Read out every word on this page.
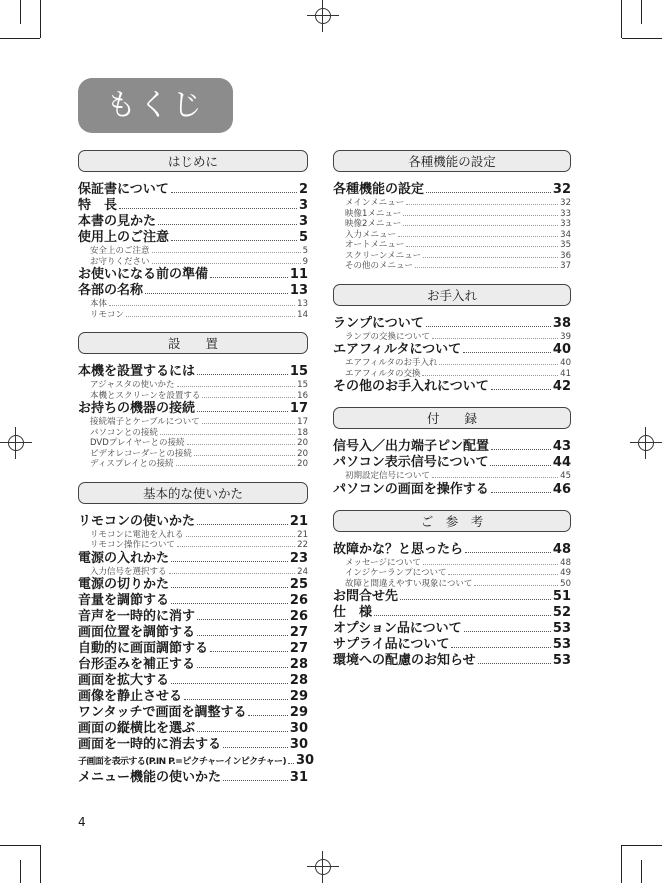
もくじ
はじめに
保証書について	2
特　長	3
本書の見かた	3
使用上のご注意	5
安全上のご注意	5
お守りください	9
お使いになる前の準備	11
各部の名称	13
本体	13
リモコン	14
設　　置
本機を設置するには	15
アジャスタの使いかた	15
本機とスクリーンを設置する	16
お持ちの機器の接続	17
接続端子とケーブルについて	17
パソコンとの接続	18
DVDプレイヤーとの接続	20
ビデオレコーダーとの接続	20
ディスプレイとの接続	20
基本的な使いかた
リモコンの使いかた	21
リモコンに電池を入れる	21
リモコン操作について	22
電源の入れかた	23
入力信号を選択する	24
電源の切りかた	25
音量を調節する	26
音声を一時的に消す	26
画面位置を調節する	27
自動的に画面調節する	27
台形歪みを補正する	28
画面を拡大する	28
画像を静止させる	29
ワンタッチで画面を調整する	29
画面の縦横比を選ぶ	30
画面を一時的に消去する	30
子画面を表示する(P.IN P.=ピクチャーインピクチャー) 30
メニュー機能の使いかた	31
各種機能の設定
各種機能の設定	32
メインメニュー	32
映像1メニュー	33
映像2メニュー	33
入力メニュー	34
オートメニュー	35
スクリーンメニュー	36
その他のメニュー	37
お手入れ
ランプについて	38
ランプの交換について	39
エアフィルタについて	40
エアフィルタのお手入れ	40
エアフィルタの交換	41
その他のお手入れについて	42
付　　録
信号入／出力端子ピン配置	43
パソコン表示信号について	44
初期設定信号について	45
パソコンの画面を操作する	46
ご　参　考
故障かな？と思ったら	48
メッセージについて	48
インジケーランプについて	49
故障と間違えやすい現象について	50
お問合せ先	51
仕　様	52
オプション品について	53
サプライ品について	53
環境への配慮のお知らせ	53
4
